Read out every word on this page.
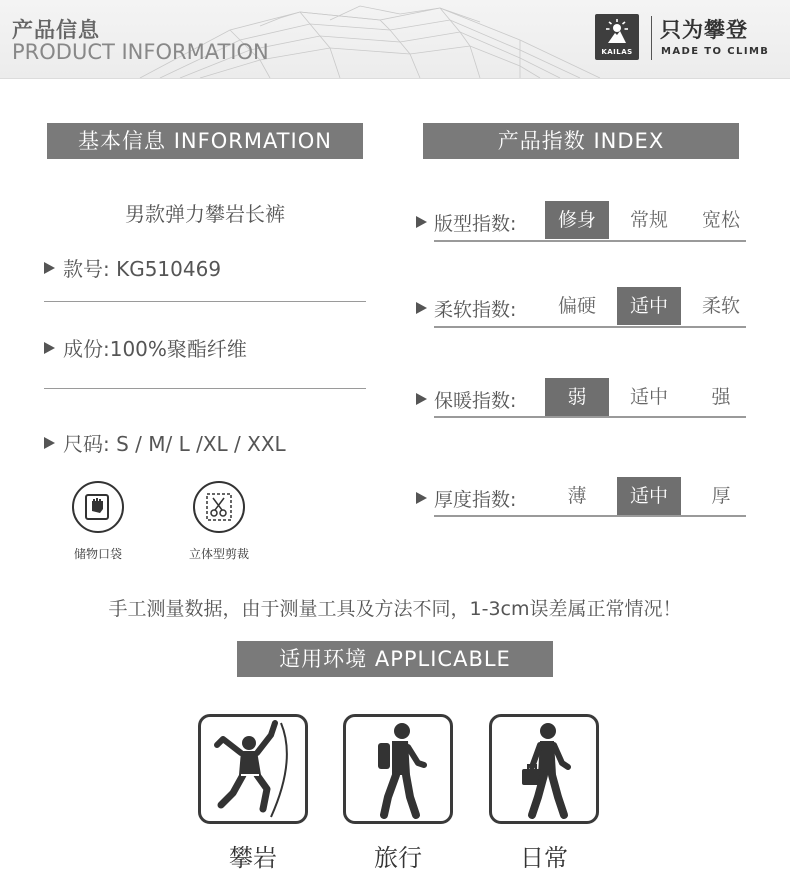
产品信息
PRODUCT INFORMATION	KAILAS
只为攀登
MADE TO CLIMB
基本信息 INFORMATION	产品指数 INDEX
男款弹力攀岩长裤
款号: KG510469
成份:100%聚酯纤维
尺码: S / M/ L /XL / XXL
储物口袋	立体型剪裁
版型指数:	修身	常规	宽松
柔软指数:	偏硬	适中	柔软
保暖指数:	弱	适中	强
厚度指数:	薄	适中	厚
手工测量数据，由于测量工具及方法不同，1-3cm误差属正常情况！
适用环境 APPLICABLE
攀岩	旅行	日常
